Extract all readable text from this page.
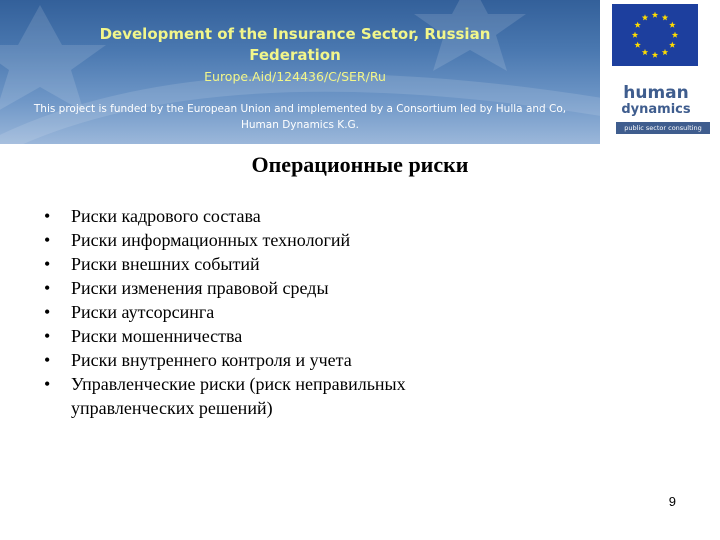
Development of the Insurance Sector, Russian Federation
Europe.Aid/124436/C/SER/Ru
This project is funded by the European Union and implemented by a Consortium led by Hulla and Co, Human Dynamics K.G.
human
dynamics
public sector consulting
Операционные риски
• Риски кадрового состава
• Риски информационных технологий
• Риски внешних событий
• Риски изменения правовой среды
• Риски аутсорсинга
• Риски мошенничества
• Риски внутреннего контроля и учета
• Управленческие риски (риск неправильных управленческих решений)
9
